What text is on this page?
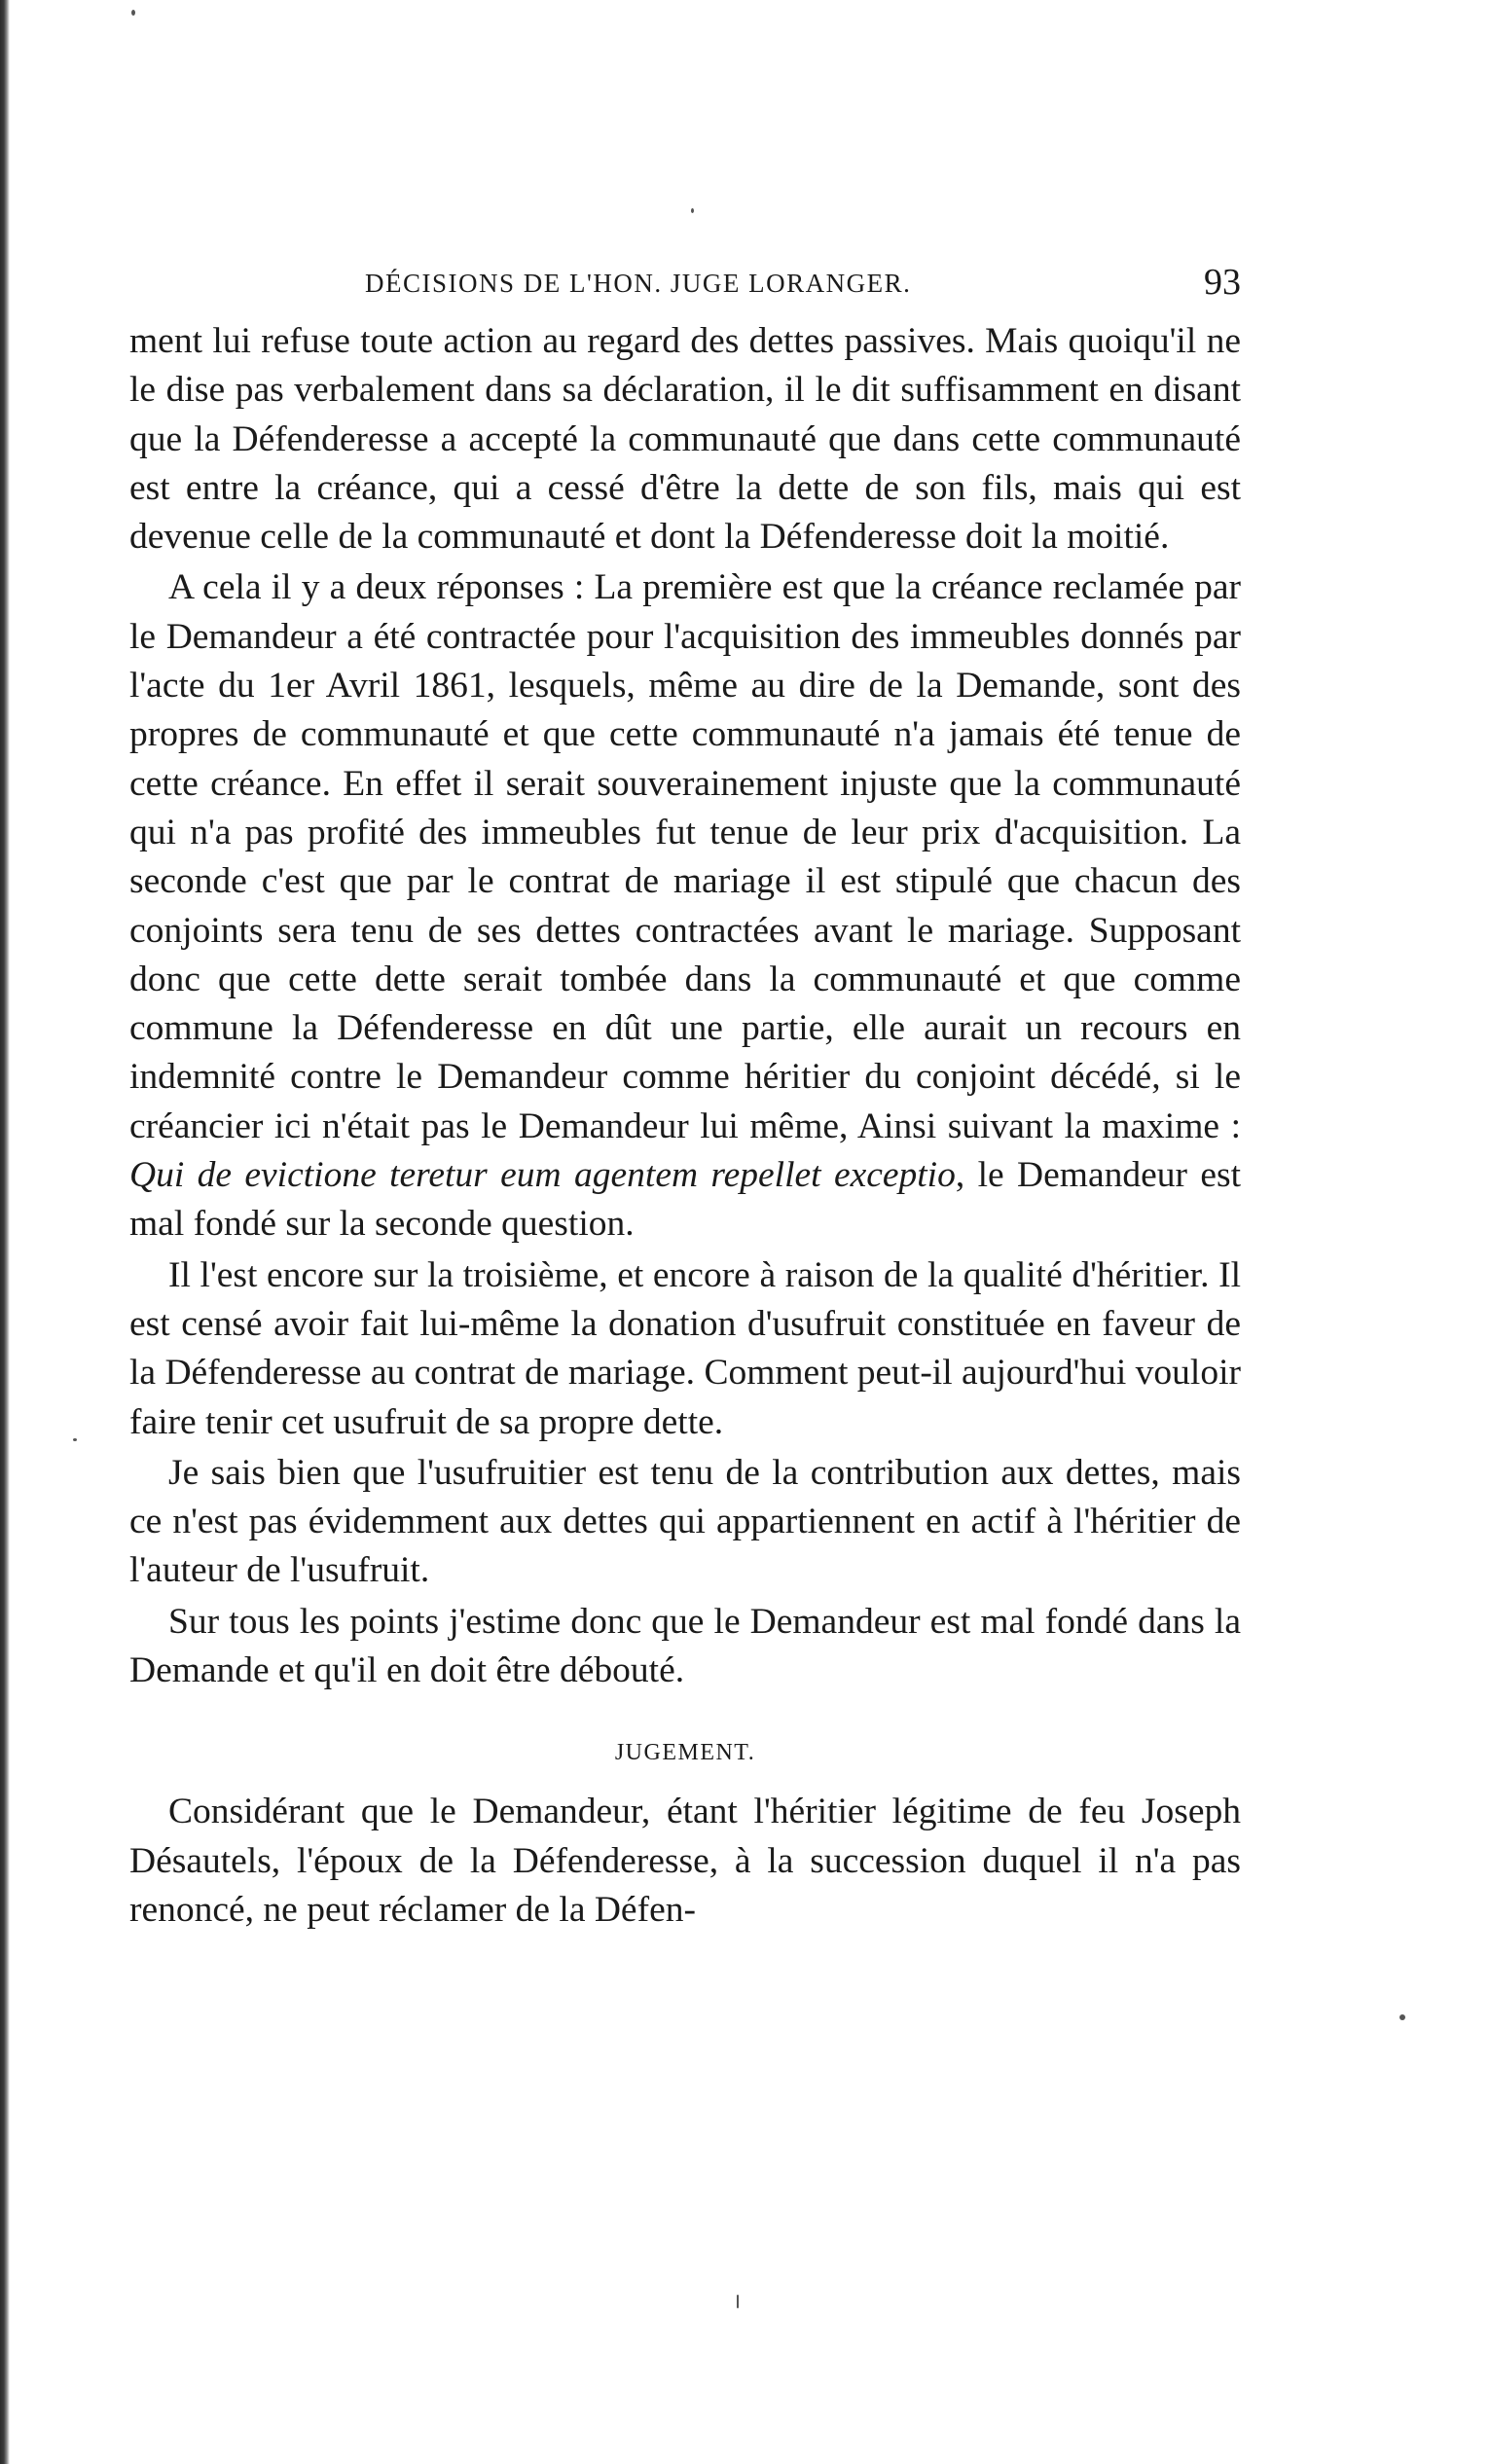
DÉCISIONS DE L'HON. JUGE LORANGER.	93

ment lui refuse toute action au regard des dettes passives. Mais quoiqu'il ne le dise pas verbalement dans sa déclaration, il le dit suffisamment en disant que la Défenderesse a accepté la communauté que dans cette communauté est entre la créance, qui a cessé d'être la dette de son fils, mais qui est devenue celle de la communauté et dont la Défenderesse doit la moitié.

A cela il y a deux réponses : La première est que la créance reclamée par le Demandeur a été contractée pour l'acquisition des immeubles donnés par l'acte du 1er Avril 1861, lesquels, même au dire de la Demande, sont des propres de communauté et que cette communauté n'a jamais été tenue de cette créance. En effet il serait souverainement injuste que la communauté qui n'a pas profité des immeubles fut tenue de leur prix d'acquisition. La seconde c'est que par le contrat de mariage il est stipulé que chacun des conjoints sera tenu de ses dettes contractées avant le mariage. Supposant donc que cette dette serait tombée dans la communauté et que comme commune la Défenderesse en dût une partie, elle aurait un recours en indemnité contre le Demandeur comme héritier du conjoint décédé, si le créancier ici n'était pas le Demandeur lui même, Ainsi suivant la maxime : Qui de evictione teretur eum agentem repellet exceptio, le Demandeur est mal fondé sur la seconde question.

Il l'est encore sur la troisième, et encore à raison de la qualité d'héritier. Il est censé avoir fait lui-même la donation d'usufruit constituée en faveur de la Défenderesse au contrat de mariage. Comment peut-il aujourd'hui vouloir faire tenir cet usufruit de sa propre dette.

Je sais bien que l'usufruitier est tenu de la contribution aux dettes, mais ce n'est pas évidemment aux dettes qui appartiennent en actif à l'héritier de l'auteur de l'usufruit.

Sur tous les points j'estime donc que le Demandeur est mal fondé dans la Demande et qu'il en doit être débouté.

JUGEMENT.

Considérant que le Demandeur, étant l'héritier légitime de feu Joseph Désautels, l'époux de la Défenderesse, à la succession duquel il n'a pas renoncé, ne peut réclamer de la Défen-
